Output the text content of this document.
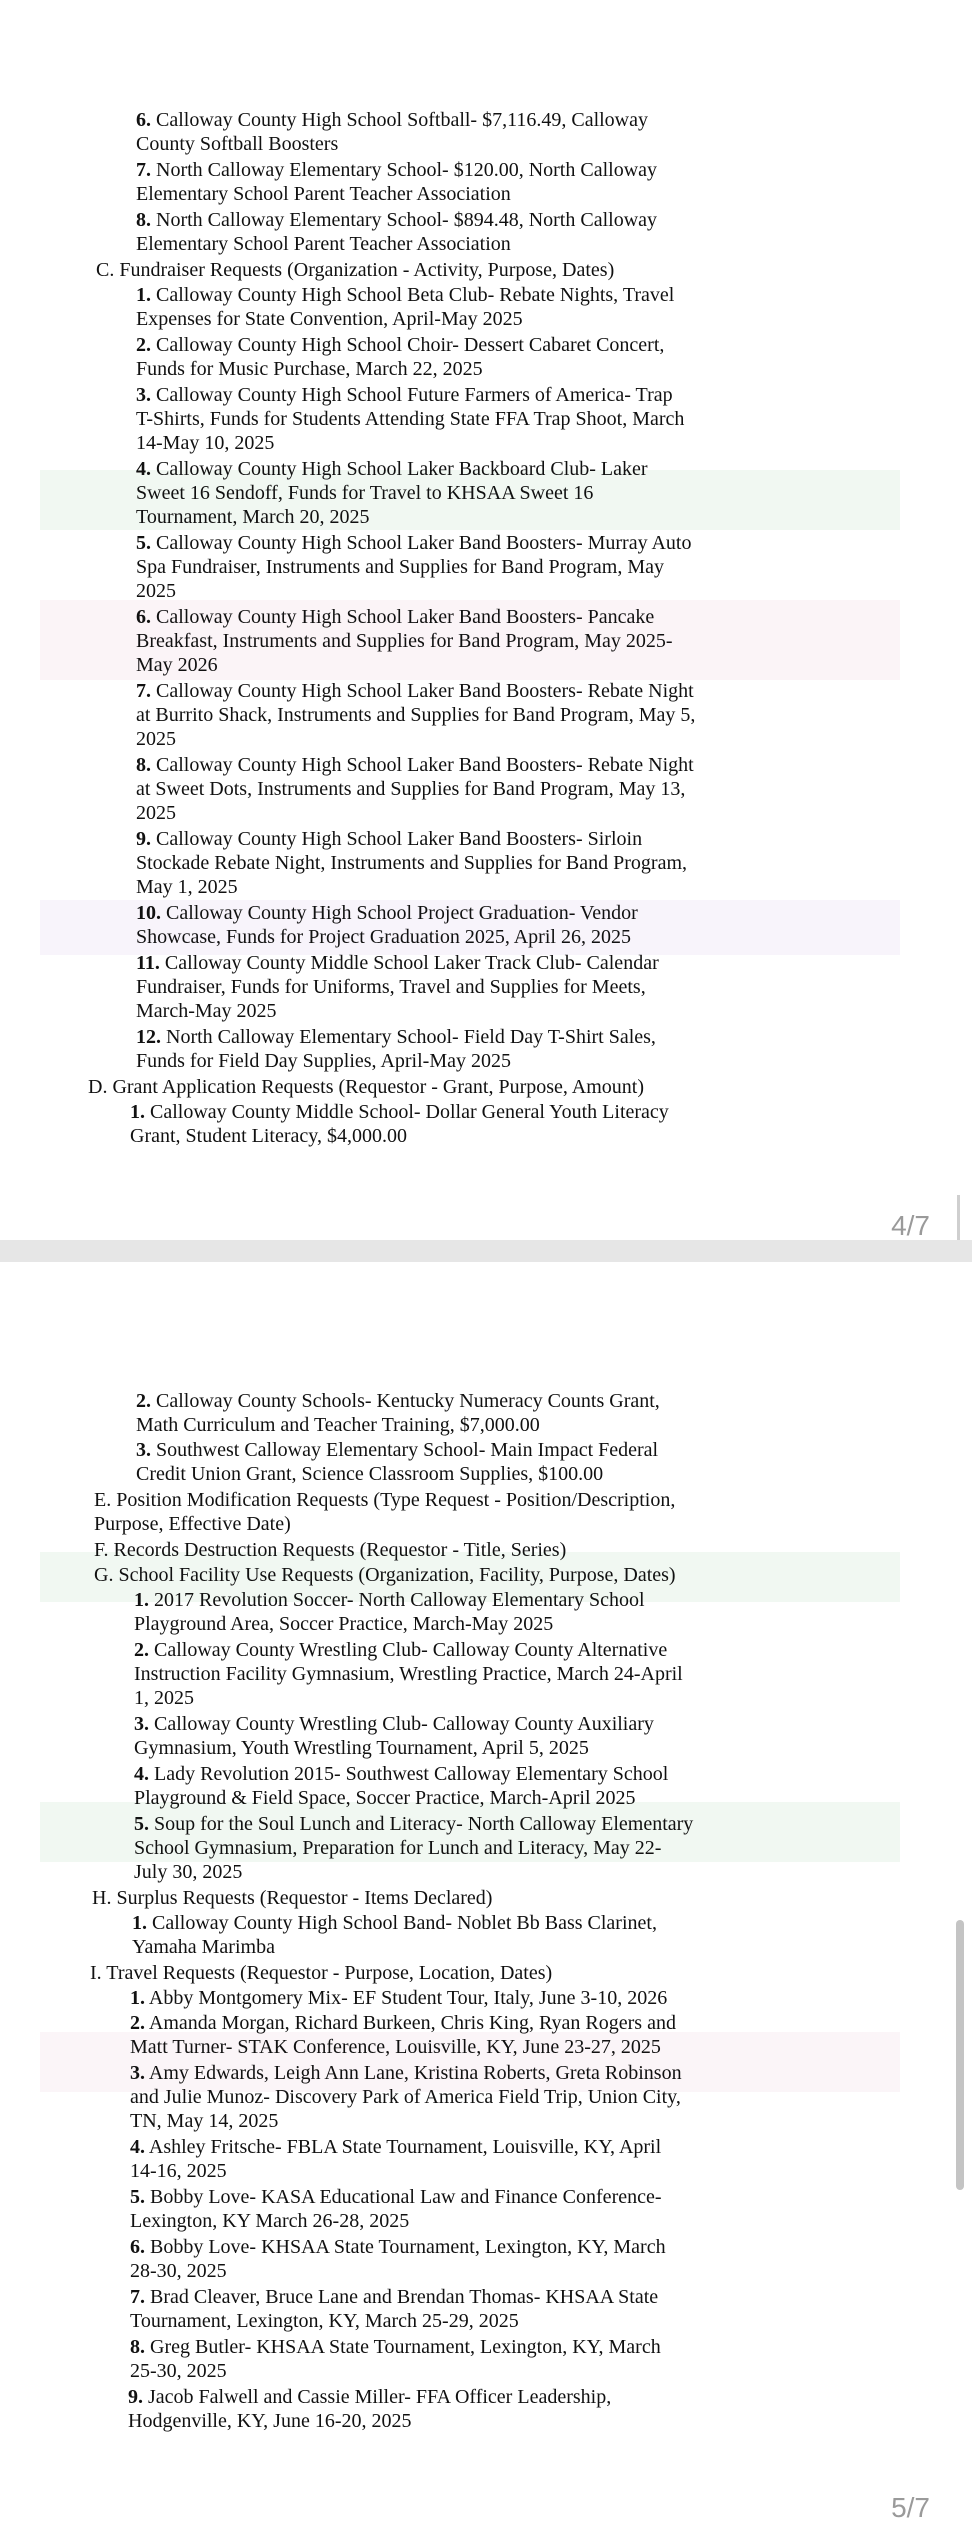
6. Calloway County High School Softball- $7,116.49, Calloway
County Softball Boosters
7. North Calloway Elementary School- $120.00, North Calloway
Elementary School Parent Teacher Association
8. North Calloway Elementary School- $894.48, North Calloway
Elementary School Parent Teacher Association
C. Fundraiser Requests (Organization - Activity, Purpose, Dates)
1. Calloway County High School Beta Club- Rebate Nights, Travel
Expenses for State Convention, April-May 2025
2. Calloway County High School Choir- Dessert Cabaret Concert,
Funds for Music Purchase, March 22, 2025
3. Calloway County High School Future Farmers of America- Trap
T-Shirts, Funds for Students Attending State FFA Trap Shoot, March
14-May 10, 2025
4. Calloway County High School Laker Backboard Club- Laker
Sweet 16 Sendoff, Funds for Travel to KHSAA Sweet 16
Tournament, March 20, 2025
5. Calloway County High School Laker Band Boosters- Murray Auto
Spa Fundraiser, Instruments and Supplies for Band Program, May
2025
6. Calloway County High School Laker Band Boosters- Pancake
Breakfast, Instruments and Supplies for Band Program, May 2025-
May 2026
7. Calloway County High School Laker Band Boosters- Rebate Night
at Burrito Shack, Instruments and Supplies for Band Program, May 5,
2025
8. Calloway County High School Laker Band Boosters- Rebate Night
at Sweet Dots, Instruments and Supplies for Band Program, May 13,
2025
9. Calloway County High School Laker Band Boosters- Sirloin
Stockade Rebate Night, Instruments and Supplies for Band Program,
May 1, 2025
10. Calloway County High School Project Graduation- Vendor
Showcase, Funds for Project Graduation 2025, April 26, 2025
11. Calloway County Middle School Laker Track Club- Calendar
Fundraiser, Funds for Uniforms, Travel and Supplies for Meets,
March-May 2025
12. North Calloway Elementary School- Field Day T-Shirt Sales,
Funds for Field Day Supplies, April-May 2025
D. Grant Application Requests (Requestor - Grant, Purpose, Amount)
1. Calloway County Middle School- Dollar General Youth Literacy
Grant, Student Literacy, $4,000.00
4/7
2. Calloway County Schools- Kentucky Numeracy Counts Grant,
Math Curriculum and Teacher Training, $7,000.00
3. Southwest Calloway Elementary School- Main Impact Federal
Credit Union Grant, Science Classroom Supplies, $100.00
E. Position Modification Requests (Type Request - Position/Description,
Purpose, Effective Date)
F. Records Destruction Requests (Requestor - Title, Series)
G. School Facility Use Requests (Organization, Facility, Purpose, Dates)
1. 2017 Revolution Soccer- North Calloway Elementary School
Playground Area, Soccer Practice, March-May 2025
2. Calloway County Wrestling Club- Calloway County Alternative
Instruction Facility Gymnasium, Wrestling Practice, March 24-April
1, 2025
3. Calloway County Wrestling Club- Calloway County Auxiliary
Gymnasium, Youth Wrestling Tournament, April 5, 2025
4. Lady Revolution 2015- Southwest Calloway Elementary School
Playground & Field Space, Soccer Practice, March-April 2025
5. Soup for the Soul Lunch and Literacy- North Calloway Elementary
School Gymnasium, Preparation for Lunch and Literacy, May 22-
July 30, 2025
H. Surplus Requests (Requestor - Items Declared)
1. Calloway County High School Band- Noblet Bb Bass Clarinet,
Yamaha Marimba
I. Travel Requests (Requestor - Purpose, Location, Dates)
1. Abby Montgomery Mix- EF Student Tour, Italy, June 3-10, 2026
2. Amanda Morgan, Richard Burkeen, Chris King, Ryan Rogers and
Matt Turner- STAK Conference, Louisville, KY, June 23-27, 2025
3. Amy Edwards, Leigh Ann Lane, Kristina Roberts, Greta Robinson
and Julie Munoz- Discovery Park of America Field Trip, Union City,
TN, May 14, 2025
4. Ashley Fritsche- FBLA State Tournament, Louisville, KY, April
14-16, 2025
5. Bobby Love- KASA Educational Law and Finance Conference-
Lexington, KY March 26-28, 2025
6. Bobby Love- KHSAA State Tournament, Lexington, KY, March
28-30, 2025
7. Brad Cleaver, Bruce Lane and Brendan Thomas- KHSAA State
Tournament, Lexington, KY, March 25-29, 2025
8. Greg Butler- KHSAA State Tournament, Lexington, KY, March
25-30, 2025
9. Jacob Falwell and Cassie Miller- FFA Officer Leadership,
Hodgenville, KY, June 16-20, 2025
5/7
